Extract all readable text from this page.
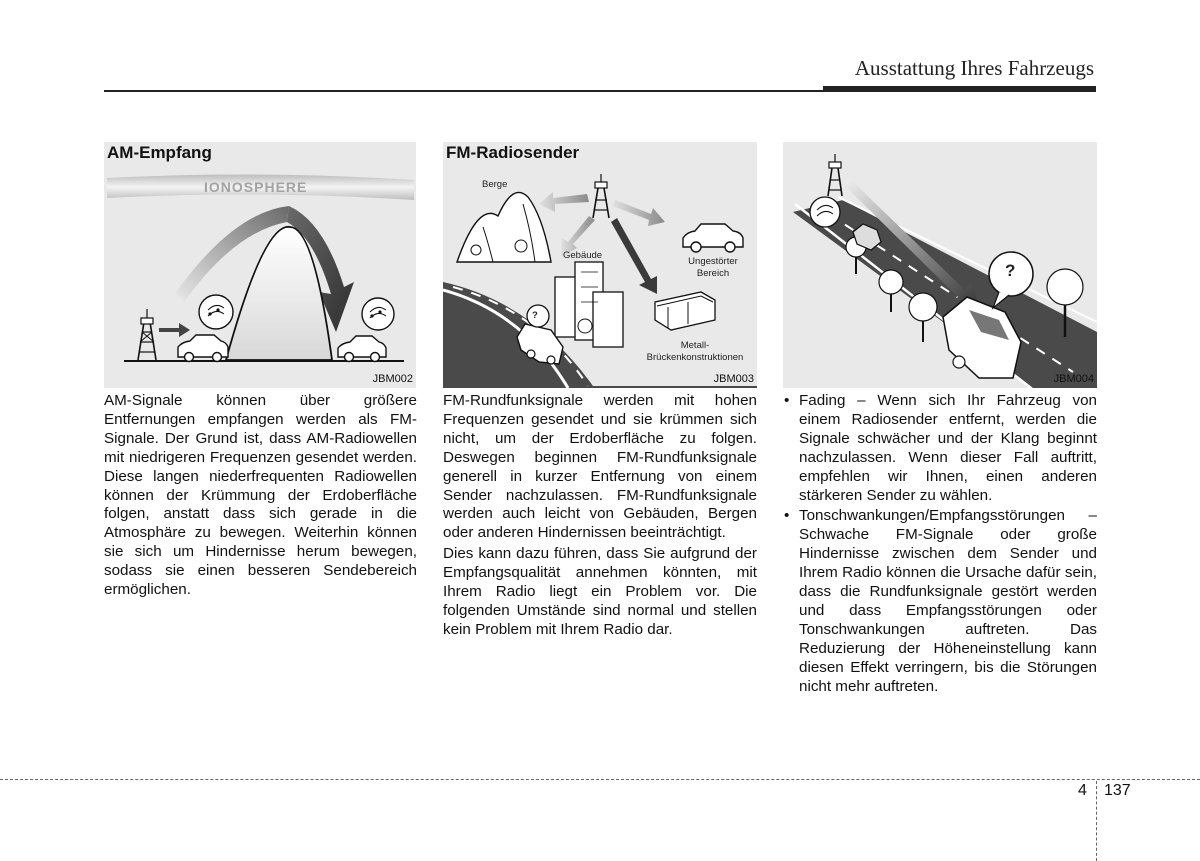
Ausstattung Ihres Fahrzeugs
AM-Empfang
IONOSPHERE
JBM002
FM-Radiosender
Berge
Gebäude
Ungestörter
Bereich
Metall-
Brückenkonstruktionen
?
JBM003
?
JBM004

AM-Signale können über größere Entfernungen empfangen werden als FM-Signale. Der Grund ist, dass AM-Radiowellen mit niedrigeren Frequenzen gesendet werden. Diese langen niederfrequenten Radiowellen können der Krümmung der Erdoberfläche folgen, anstatt dass sich gerade in die Atmosphäre zu bewegen. Weiterhin können sie sich um Hindernisse herum bewegen, sodass sie einen besseren Sendebereich ermöglichen.

FM-Rundfunksignale werden mit hohen Frequenzen gesendet und sie krümmen sich nicht, um der Erdoberfläche zu folgen. Deswegen beginnen FM-Rundfunksignale generell in kurzer Entfernung von einem Sender nachzulassen. FM-Rundfunksignale werden auch leicht von Gebäuden, Bergen oder anderen Hindernissen beeinträchtigt.

Dies kann dazu führen, dass Sie aufgrund der Empfangsqualität annehmen könnten, mit Ihrem Radio liegt ein Problem vor. Die folgenden Umstände sind normal und stellen kein Problem mit Ihrem Radio dar.

• Fading – Wenn sich Ihr Fahrzeug von einem Radiosender entfernt, werden die Signale schwächer und der Klang beginnt nachzulassen. Wenn dieser Fall auftritt, empfehlen wir Ihnen, einen anderen stärkeren Sender zu wählen.
• Tonschwankungen/Empfangsstörungen – Schwache FM-Signale oder große Hindernisse zwischen dem Sender und Ihrem Radio können die Ursache dafür sein, dass die Rundfunksignale gestört werden und dass Empfangsstörungen oder Tonschwankungen auftreten. Das Reduzierung der Höheneinstellung kann diesen Effekt verringern, bis die Störungen nicht mehr auftreten.
4 137
